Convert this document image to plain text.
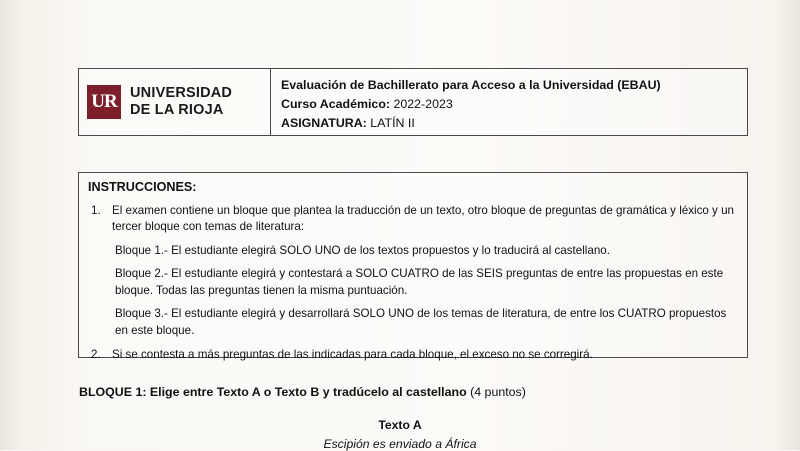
UR UNIVERSIDAD
DE LA RIOJA
Evaluación de Bachillerato para Acceso a la Universidad (EBAU)
Curso Académico: 2022-2023
ASIGNATURA: LATÍN II
INSTRUCCIONES:
1. El examen contiene un bloque que plantea la traducción de un texto, otro bloque de preguntas de gramática y léxico y un tercer bloque con temas de literatura:
Bloque 1.- El estudiante elegirá SOLO UNO de los textos propuestos y lo traducirá al castellano.
Bloque 2.- El estudiante elegirá y contestará a SOLO CUATRO de las SEIS preguntas de entre las propuestas en este bloque. Todas las preguntas tienen la misma puntuación.
Bloque 3.- El estudiante elegirá y desarrollará SOLO UNO de los temas de literatura, de entre los CUATRO propuestos en este bloque.
2. Si se contesta a más preguntas de las indicadas para cada bloque, el exceso no se corregirá.
BLOQUE 1: Elige entre Texto A o Texto B y tradúcelo al castellano (4 puntos)
Texto A
Escipión es enviado a África
